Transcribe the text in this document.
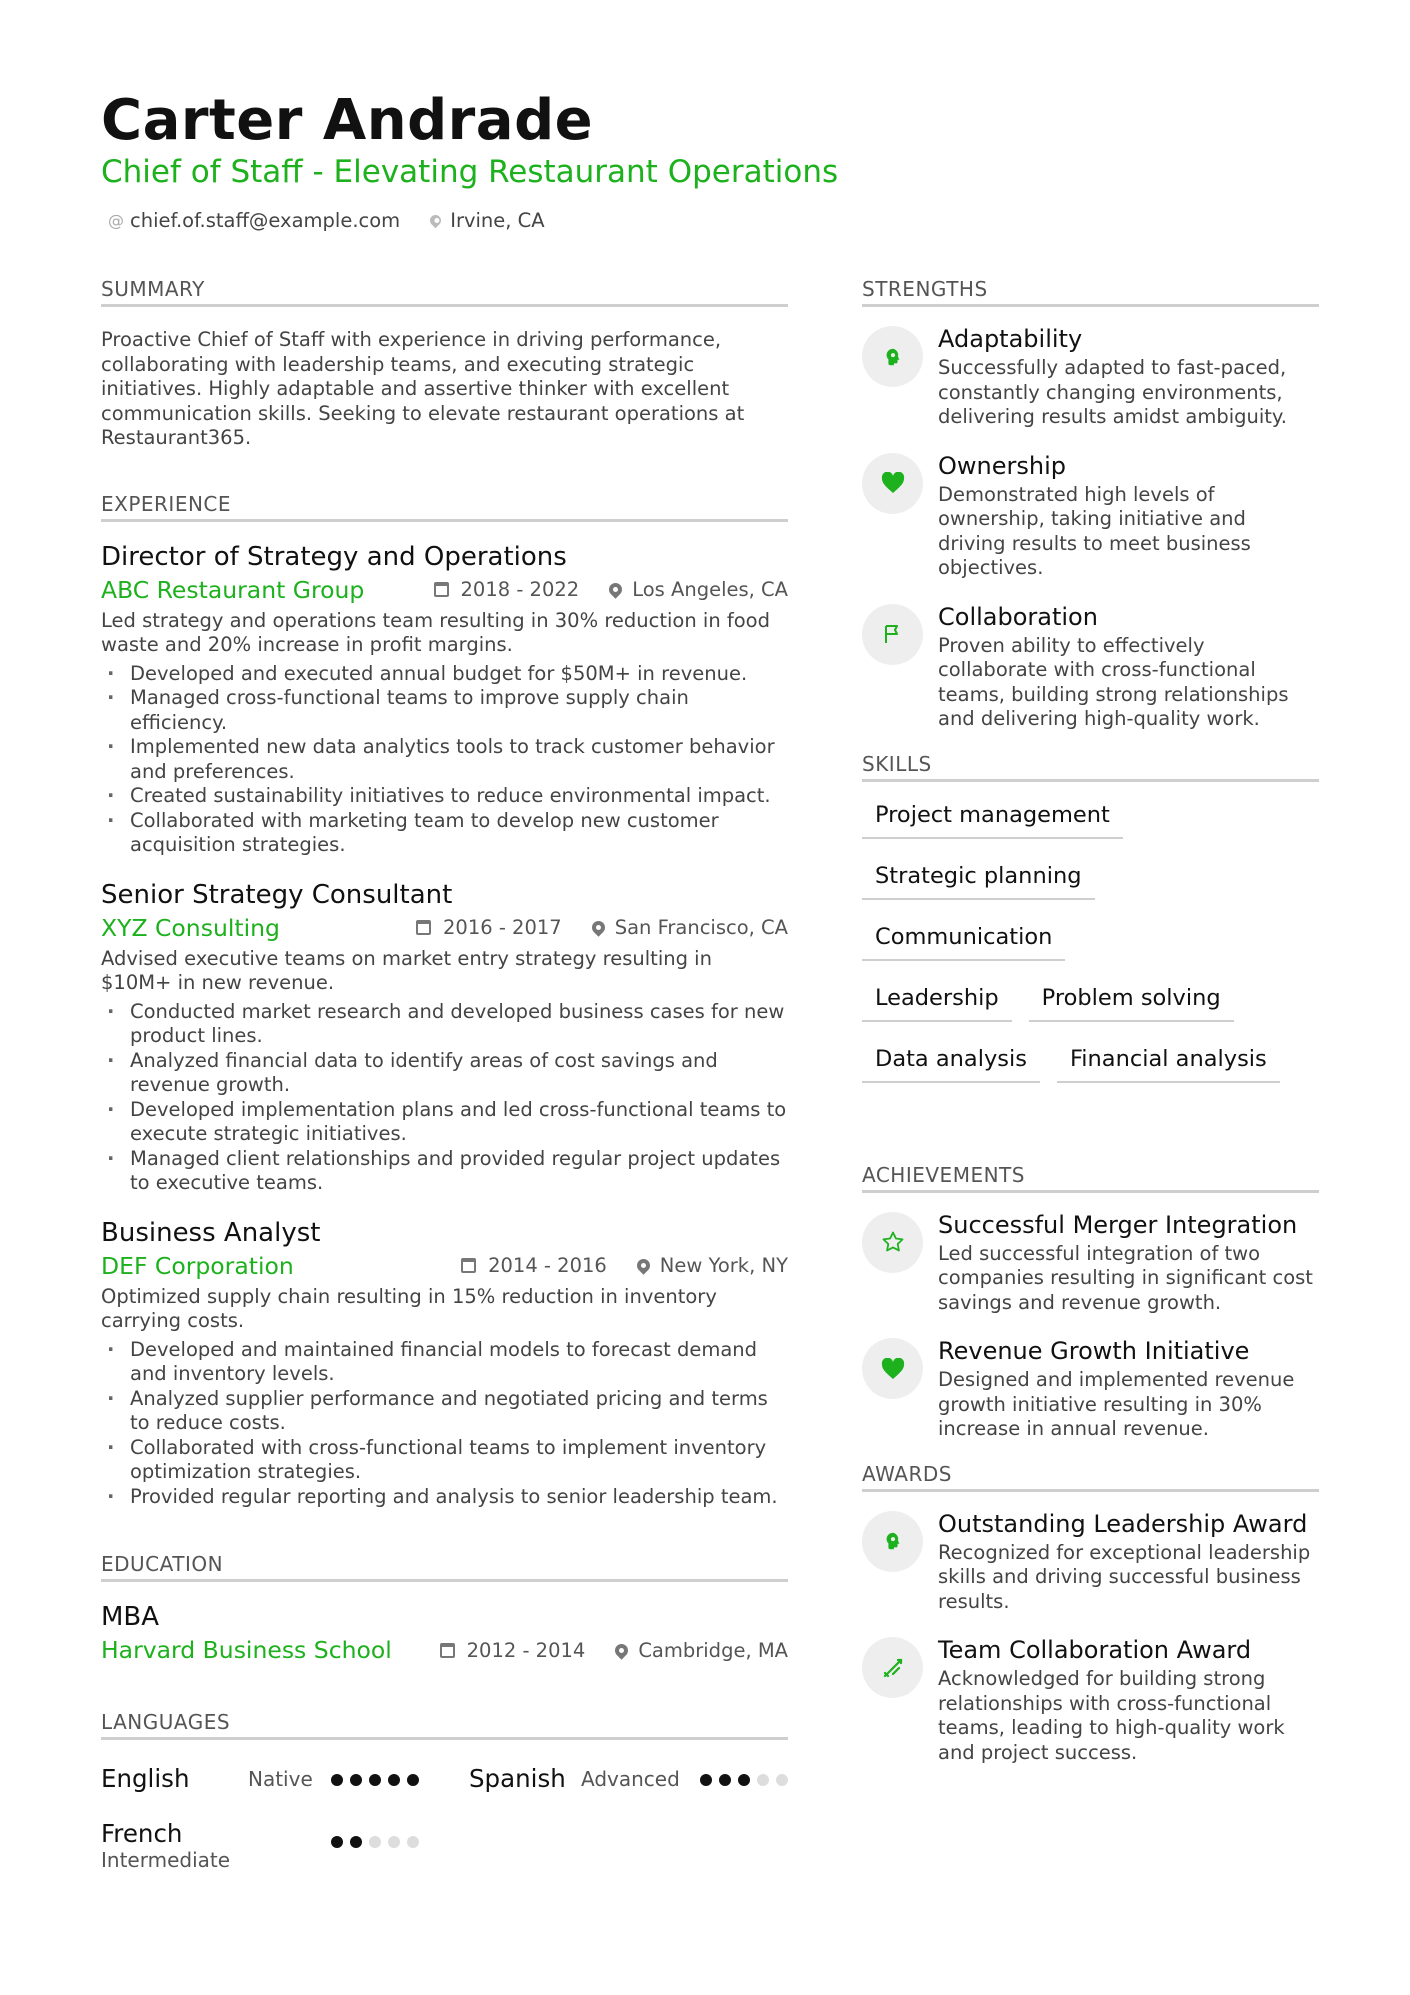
Carter Andrade
Chief of Staff - Elevating Restaurant Operations
@ chief.of.staff@example.com	Irvine, CA
SUMMARY
Proactive Chief of Staff with experience in driving performance, collaborating with leadership teams, and executing strategic initiatives. Highly adaptable and assertive thinker with excellent communication skills. Seeking to elevate restaurant operations at Restaurant365.
EXPERIENCE
Director of Strategy and Operations
ABC Restaurant Group	2018 - 2022	Los Angeles, CA
Led strategy and operations team resulting in 30% reduction in food waste and 20% increase in profit margins.
· Developed and executed annual budget for $50M+ in revenue.
· Managed cross-functional teams to improve supply chain efficiency.
· Implemented new data analytics tools to track customer behavior and preferences.
· Created sustainability initiatives to reduce environmental impact.
· Collaborated with marketing team to develop new customer acquisition strategies.
Senior Strategy Consultant
XYZ Consulting	2016 - 2017	San Francisco, CA
Advised executive teams on market entry strategy resulting in $10M+ in new revenue.
· Conducted market research and developed business cases for new product lines.
· Analyzed financial data to identify areas of cost savings and revenue growth.
· Developed implementation plans and led cross-functional teams to execute strategic initiatives.
· Managed client relationships and provided regular project updates to executive teams.
Business Analyst
DEF Corporation	2014 - 2016	New York, NY
Optimized supply chain resulting in 15% reduction in inventory carrying costs.
· Developed and maintained financial models to forecast demand and inventory levels.
· Analyzed supplier performance and negotiated pricing and terms to reduce costs.
· Collaborated with cross-functional teams to implement inventory optimization strategies.
· Provided regular reporting and analysis to senior leadership team.
EDUCATION
MBA
Harvard Business School	2012 - 2014	Cambridge, MA
LANGUAGES
English	Native	Spanish Advanced
French
Intermediate
STRENGTHS
Adaptability
Successfully adapted to fast-paced, constantly changing environments, delivering results amidst ambiguity.
Ownership
Demonstrated high levels of ownership, taking initiative and driving results to meet business objectives.
Collaboration
Proven ability to effectively collaborate with cross-functional teams, building strong relationships and delivering high-quality work.
SKILLS
Project management
Strategic planning
Communication
Leadership	Problem solving
Data analysis	Financial analysis
ACHIEVEMENTS
Successful Merger Integration
Led successful integration of two companies resulting in significant cost savings and revenue growth.
Revenue Growth Initiative
Designed and implemented revenue growth initiative resulting in 30% increase in annual revenue.
AWARDS
Outstanding Leadership Award
Recognized for exceptional leadership skills and driving successful business results.
Team Collaboration Award
Acknowledged for building strong relationships with cross-functional teams, leading to high-quality work and project success.
